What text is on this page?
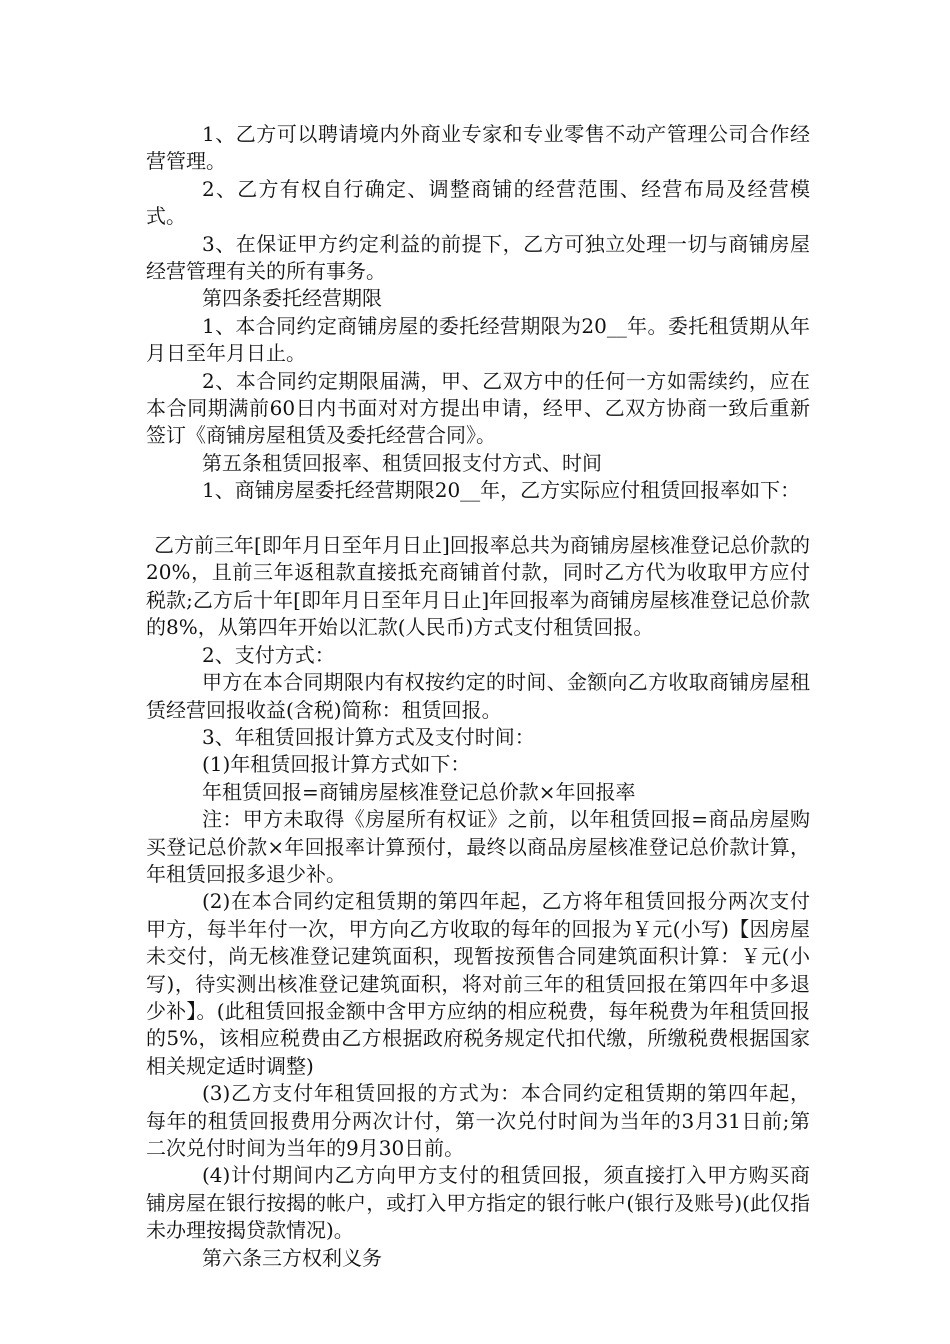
1、乙方可以聘请境内外商业专家和专业零售不动产管理公司合作经营管理。

2、乙方有权自行确定、调整商铺的经营范围、经营布局及经营模式。

3、在保证甲方约定利益的前提下，乙方可独立处理一切与商铺房屋经营管理有关的所有事务。

第四条委托经营期限

1、本合同约定商铺房屋的委托经营期限为20__年。委托租赁期从年 月日至年月日止。

2、本合同约定期限届满，甲、乙双方中的任何一方如需续约，应在本合同期满前60日内书面对对方提出申请，经甲、乙双方协商一致后重新签订《商铺房屋租赁及委托经营合同》。

第五条租赁回报率、租赁回报支付方式、时间

1、商铺房屋委托经营期限20__年，乙方实际应付租赁回报率如下：

乙方前三年[即年月日至年月日止]回报率总共为商铺房屋核准登记总价款的20%，且前三年返租款直接抵充商铺首付款，同时乙方代为收取甲方应付税款;乙方后十年[即年月日至年月日止]年回报率为商铺房屋核准登记总价款的8%，从第四年开始以汇款(人民币)方式支付租赁回报。

2、支付方式：

甲方在本合同期限内有权按约定的时间、金额向乙方收取商铺房屋租赁经营回报收益(含税)简称：租赁回报。

3、年租赁回报计算方式及支付时间：

(1)年租赁回报计算方式如下：

年租赁回报=商铺房屋核准登记总价款×年回报率

注：甲方未取得《房屋所有权证》之前，以年租赁回报=商品房屋购买登记总价款×年回报率计算预付，最终以商品房屋核准登记总价款计算，年租赁回报多退少补。

(2)在本合同约定租赁期的第四年起，乙方将年租赁回报分两次支付甲方，每半年付一次，甲方向乙方收取的每年的回报为￥元(小写)【因房屋未交付，尚无核准登记建筑面积，现暂按预售合同建筑面积计算：￥元(小写)，待实测出核准登记建筑面积，将对前三年的租赁回报在第四年中多退少补】。(此租赁回报金额中含甲方应纳的相应税费，每年税费为年租赁回报的5%，该相应税费由乙方根据政府税务规定代扣代缴，所缴税费根据国家相关规定适时调整)

(3)乙方支付年租赁回报的方式为：本合同约定租赁期的第四年起，每年的租赁回报费用分两次计付，第一次兑付时间为当年的3月31日前;第二次兑付时间为当年的9月30日前。

(4)计付期间内乙方向甲方支付的租赁回报，须直接打入甲方购买商铺房屋在银行按揭的帐户，或打入甲方指定的银行帐户(银行及账号)(此仅指未办理按揭贷款情况)。

第六条三方权利义务
